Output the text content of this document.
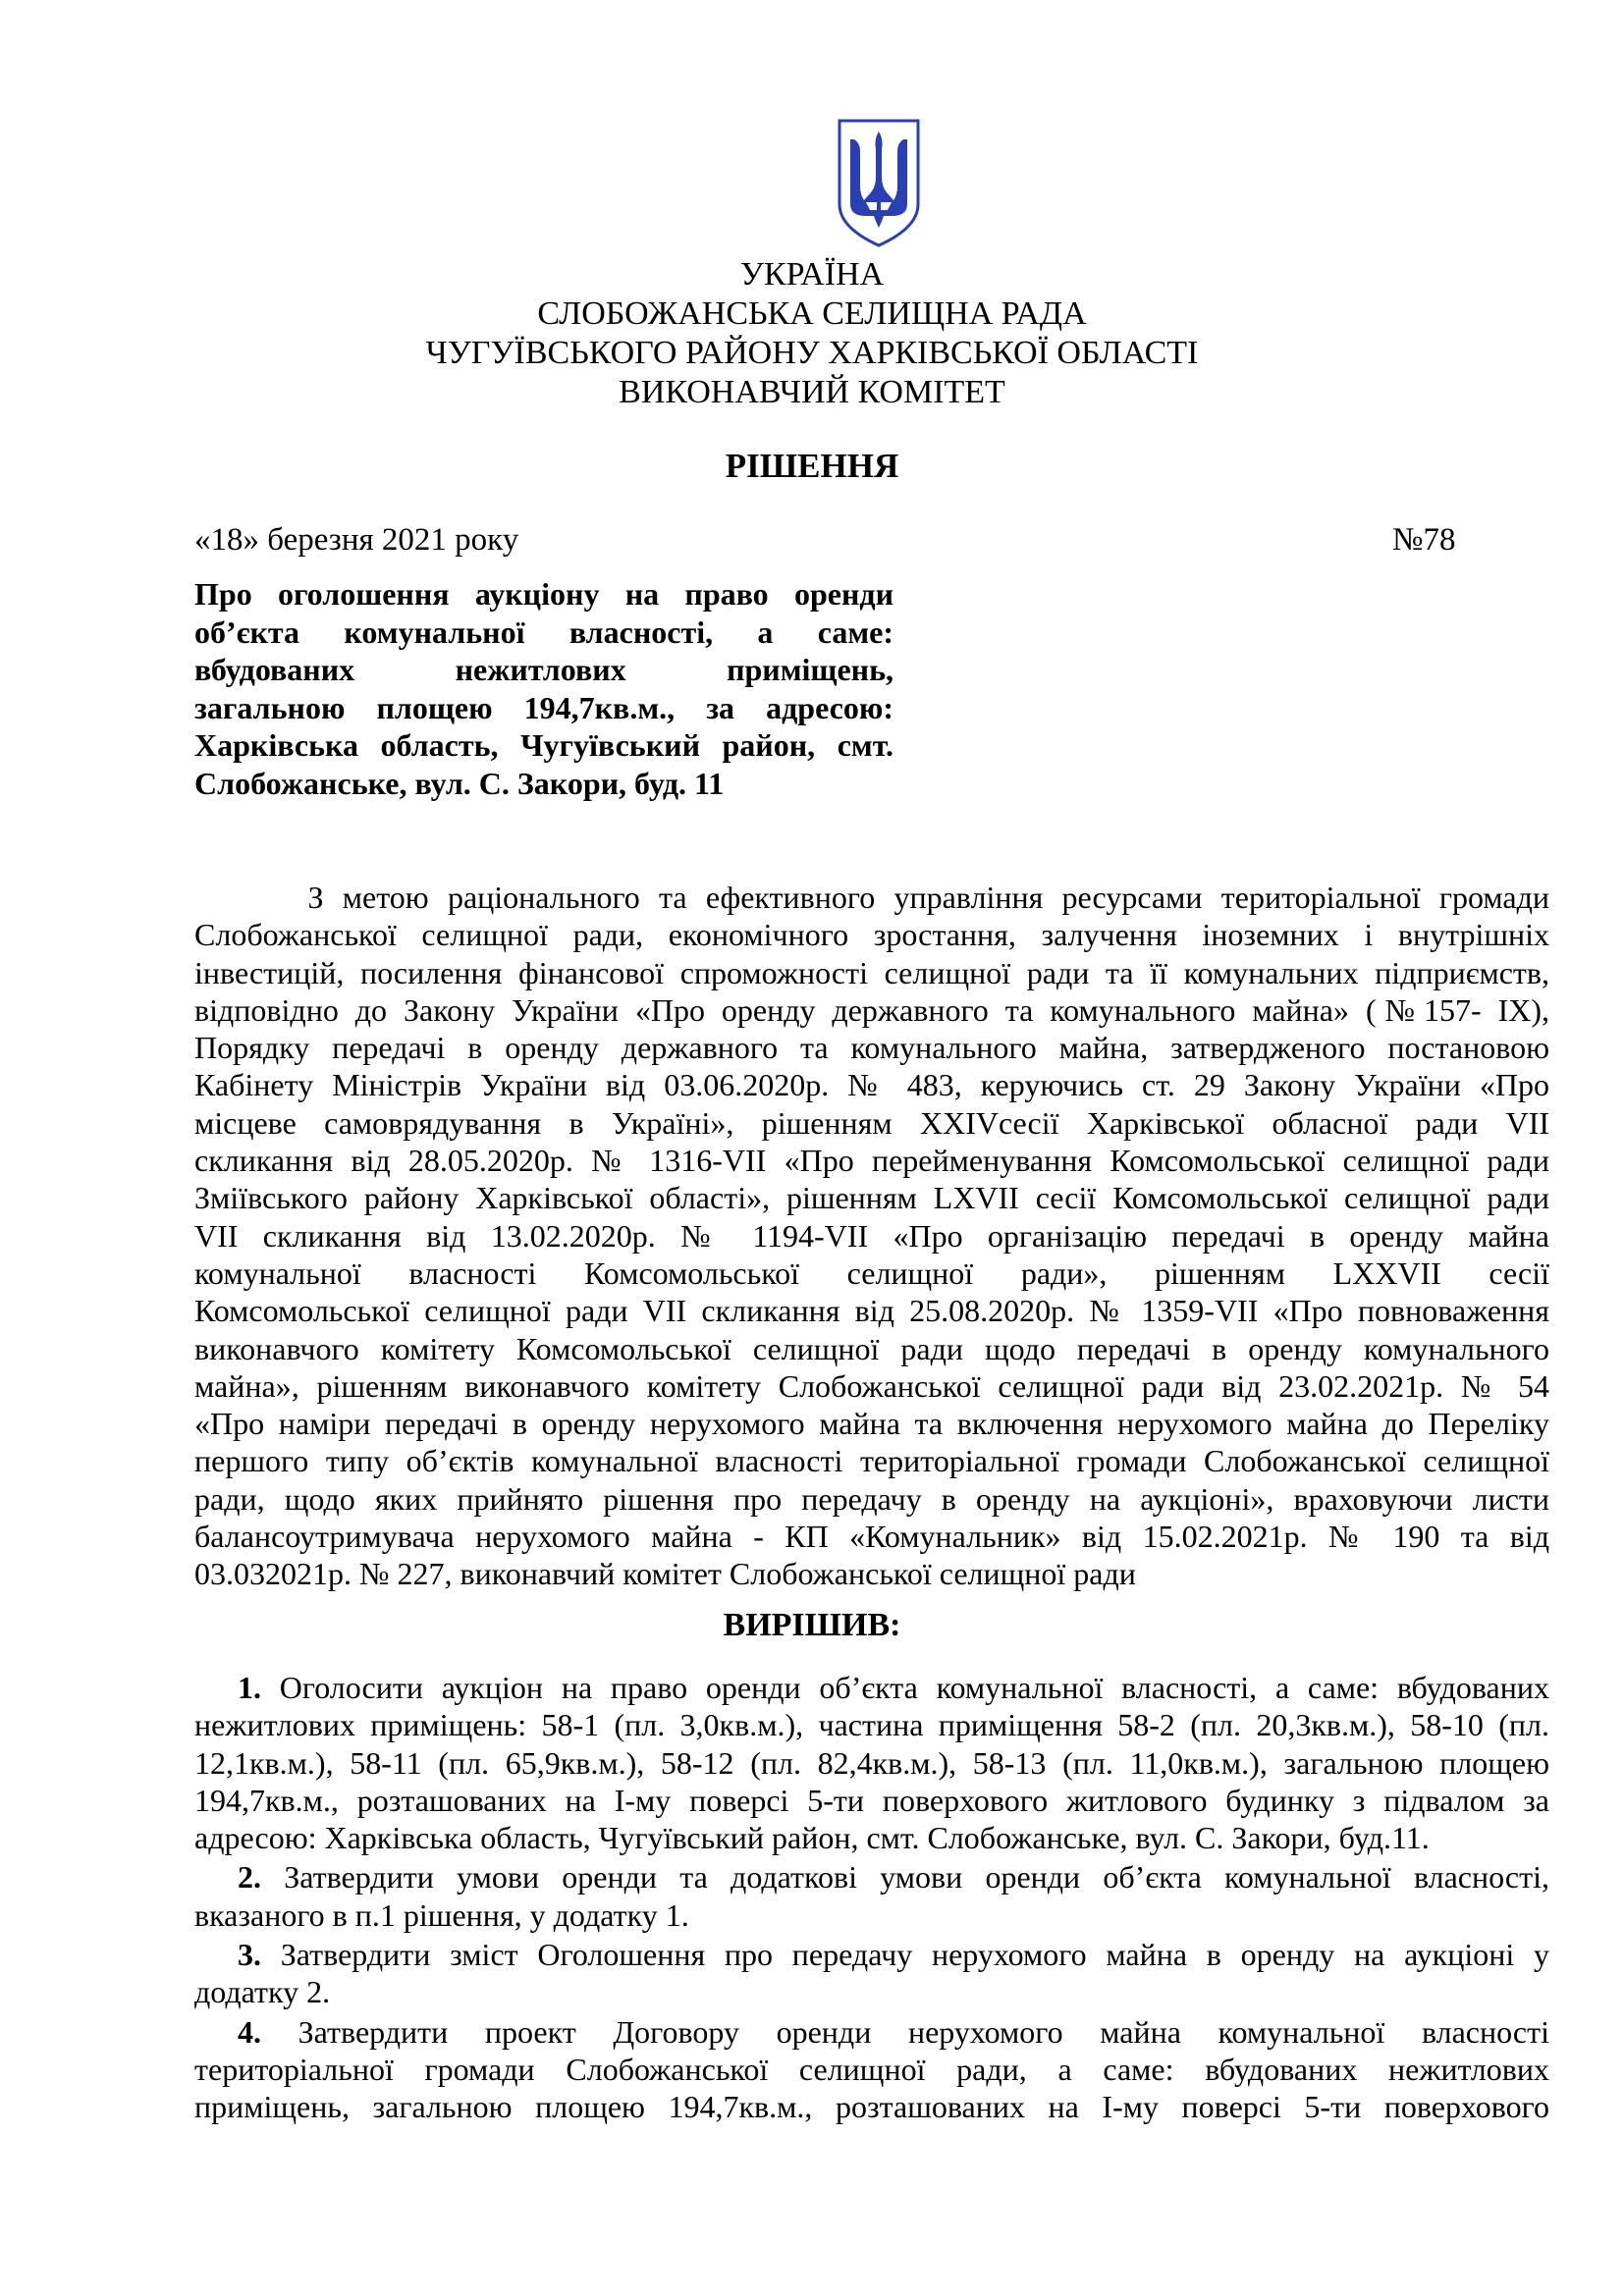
УКРАЇНА
СЛОБОЖАНСЬКА СЕЛИЩНА РАДА
ЧУГУЇВСЬКОГО РАЙОНУ ХАРКІВСЬКОЇ ОБЛАСТІ
ВИКОНАВЧИЙ КОМІТЕТ
РІШЕННЯ
«18» березня 2021 року	№78
Про оголошення аукціону на право оренди
об’єкта комунальної власності, а саме:
вбудованих нежитлових приміщень,
загальною площею 194,7кв.м., за адресою:
Харківська область, Чугуївський район, смт.
Слобожанське, вул. С. Закори, буд. 11
З метою раціонального та ефективного управління ресурсами територіальної громади
Слобожанської селищної ради, економічного зростання, залучення іноземних і внутрішніх
інвестицій, посилення фінансової спроможності селищної ради та її комунальних підприємств,
відповідно до Закону України «Про оренду державного та комунального майна» (№157- IX),
Порядку передачі в оренду державного та комунального майна, затвердженого постановою
Кабінету Міністрів України від 03.06.2020р. № 483, керуючись ст. 29 Закону України «Про
місцеве самоврядування в Україні», рішенням XXIVсесії Харківської обласної ради VII
скликання від 28.05.2020р. № 1316-VII «Про перейменування Комсомольської селищної ради
Зміївського району Харківської області», рішенням LXVII сесії Комсомольської селищної ради
VII скликання від 13.02.2020р. № 1194-VII «Про організацію передачі в оренду майна
комунальної власності Комсомольської селищної ради», рішенням LXXVII сесії
Комсомольської селищної ради VII скликання від 25.08.2020р. № 1359-VII «Про повноваження
виконавчого комітету Комсомольської селищної ради щодо передачі в оренду комунального
майна», рішенням виконавчого комітету Слобожанської селищної ради від 23.02.2021р. № 54
«Про наміри передачі в оренду нерухомого майна та включення нерухомого майна до Переліку
першого типу об’єктів комунальної власності територіальної громади Слобожанської селищної
ради, щодо яких прийнято рішення про передачу в оренду на аукціоні», враховуючи листи
балансоутримувача нерухомого майна - КП «Комунальник» від 15.02.2021р. № 190 та від
03.032021р. № 227, виконавчий комітет Слобожанської селищної ради
ВИРІШИВ:
1. Оголосити аукціон на право оренди об’єкта комунальної власності, а саме: вбудованих
нежитлових приміщень: 58-1 (пл. 3,0кв.м.), частина приміщення 58-2 (пл. 20,3кв.м.), 58-10 (пл.
12,1кв.м.), 58-11 (пл. 65,9кв.м.), 58-12 (пл. 82,4кв.м.), 58-13 (пл. 11,0кв.м.), загальною площею
194,7кв.м., розташованих на I-му поверсі 5-ти поверхового житлового будинку з підвалом за
адресою: Харківська область, Чугуївський район, смт. Слобожанське, вул. С. Закори, буд.11.
2. Затвердити умови оренди та додаткові умови оренди об’єкта комунальної власності,
вказаного в п.1 рішення, у додатку 1.
3. Затвердити зміст Оголошення про передачу нерухомого майна в оренду на аукціоні у
додатку 2.
4. Затвердити проект Договору оренди нерухомого майна комунальної власності
територіальної громади Слобожанської селищної ради, а саме: вбудованих нежитлових
приміщень, загальною площею 194,7кв.м., розташованих на I-му поверсі 5-ти поверхового
